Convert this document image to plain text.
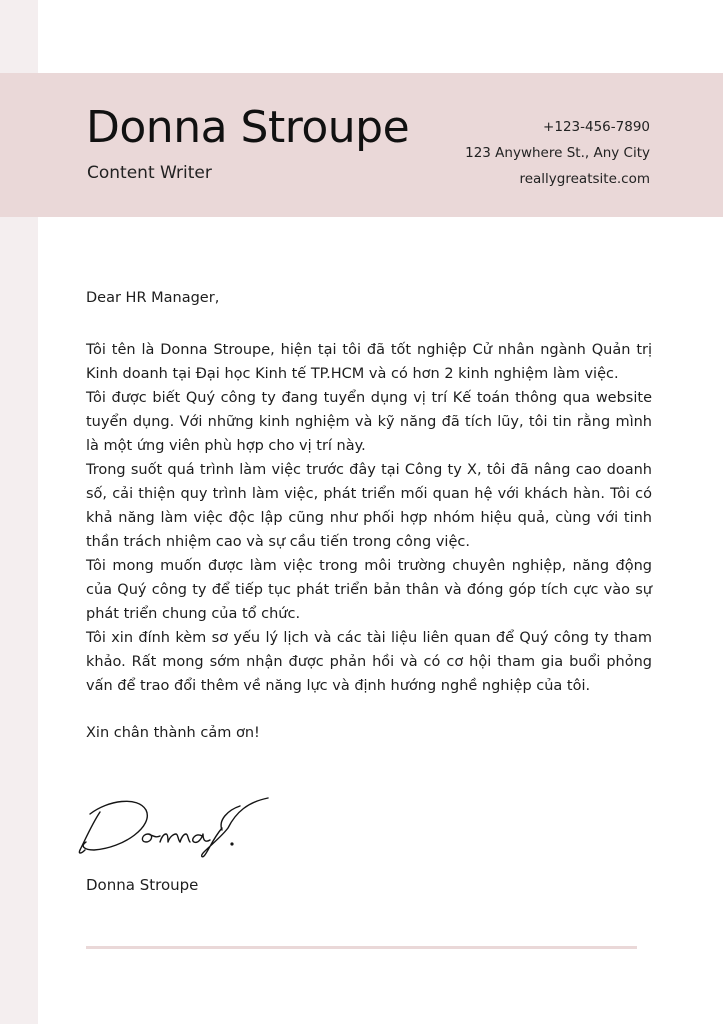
Donna Stroupe
Content Writer
+123-456-7890
123 Anywhere St., Any City
reallygreatsite.com
Dear HR Manager,
Tôi tên là Donna Stroupe, hiện tại tôi đã tốt nghiệp Cử nhân ngành Quản trị Kinh doanh tại Đại học Kinh tế TP.HCM và có hơn 2 kinh nghiệm làm việc.
Tôi được biết Quý công ty đang tuyển dụng vị trí Kế toán thông qua website tuyển dụng. Với những kinh nghiệm và kỹ năng đã tích lũy, tôi tin rằng mình là một ứng viên phù hợp cho vị trí này.
Trong suốt quá trình làm việc trước đây tại Công ty X, tôi đã nâng cao doanh số, cải thiện quy trình làm việc, phát triển mối quan hệ với khách hàn. Tôi có khả năng làm việc độc lập cũng như phối hợp nhóm hiệu quả, cùng với tinh thần trách nhiệm cao và sự cầu tiến trong công việc.
Tôi mong muốn được làm việc trong môi trường chuyên nghiệp, năng động của Quý công ty để tiếp tục phát triển bản thân và đóng góp tích cực vào sự phát triển chung của tổ chức.
Tôi xin đính kèm sơ yếu lý lịch và các tài liệu liên quan để Quý công ty tham khảo. Rất mong sớm nhận được phản hồi và có cơ hội tham gia buổi phỏng vấn để trao đổi thêm về năng lực và định hướng nghề nghiệp của tôi.
Xin chân thành cảm ơn!
Donna Stroupe
